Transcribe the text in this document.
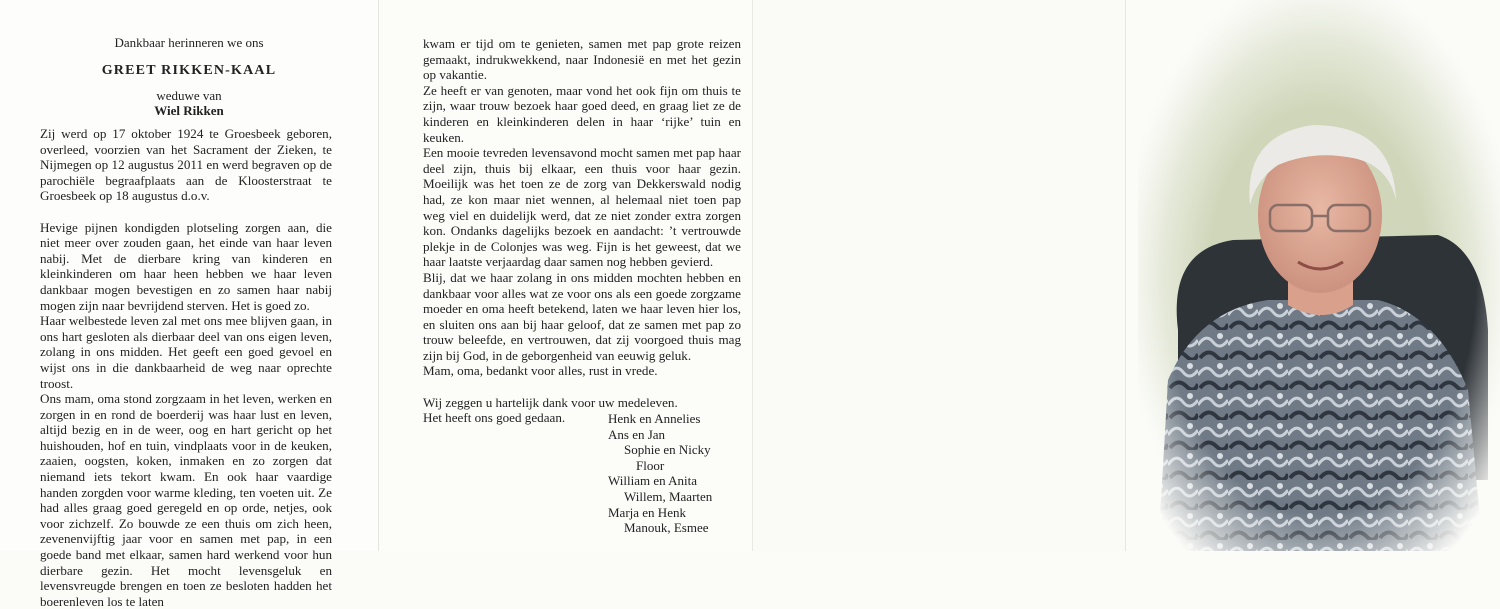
Dankbaar herinneren we ons
GREET RIKKEN-KAAL
weduwe van
Wiel Rikken

Zij werd op 17 oktober 1924 te Groesbeek geboren, overleed, voorzien van het Sacrament der Zieken, te Nijmegen op 12 augustus 2011 en werd begraven op de parochiële begraafplaats aan de Kloosterstraat te Groesbeek op 18 augustus d.o.v.

Hevige pijnen kondigden plotseling zorgen aan, die niet meer over zouden gaan, het einde van haar leven nabij. Met de dierbare kring van kinderen en kleinkinderen om haar heen hebben we haar leven dankbaar mogen bevestigen en zo samen haar nabij mogen zijn naar bevrijdend sterven. Het is goed zo.

Haar welbestede leven zal met ons mee blijven gaan, in ons hart gesloten als dierbaar deel van ons eigen leven, zolang in ons midden. Het geeft een goed gevoel en wijst ons in die dankbaarheid de weg naar oprechte troost.

Ons mam, oma stond zorgzaam in het leven, werken en zorgen in en rond de boerderij was haar lust en leven, altijd bezig en in de weer, oog en hart gericht op het huishouden, hof en tuin, vindplaats voor in de keuken, zaaien, oogsten, koken, inmaken en zo zorgen dat niemand iets tekort kwam. En ook haar vaardige handen zorgden voor warme kleding, ten voeten uit. Ze had alles graag goed geregeld en op orde, netjes, ook voor zichzelf. Zo bouwde ze een thuis om zich heen, zevenenvijftig jaar voor en samen met pap, in een goede band met elkaar, samen hard werkend voor hun dierbare gezin. Het mocht levensgeluk en levensvreugde brengen en toen ze besloten hadden het boerenleven los te laten

kwam er tijd om te genieten, samen met pap grote reizen gemaakt, indrukwekkend, naar Indonesië en met het gezin op vakantie.

Ze heeft er van genoten, maar vond het ook fijn om thuis te zijn, waar trouw bezoek haar goed deed, en graag liet ze de kinderen en kleinkinderen delen in haar ‘rijke’ tuin en keuken.

Een mooie tevreden levensavond mocht samen met pap haar deel zijn, thuis bij elkaar, een thuis voor haar gezin. Moeilijk was het toen ze de zorg van Dekkerswald nodig had, ze kon maar niet wennen, al helemaal niet toen pap weg viel en duidelijk werd, dat ze niet zonder extra zorgen kon. Ondanks dagelijks bezoek en aandacht: ’t vertrouwde plekje in de Colonjes was weg. Fijn is het geweest, dat we haar laatste verjaardag daar samen nog hebben gevierd.

Blij, dat we haar zolang in ons midden mochten hebben en dankbaar voor alles wat ze voor ons als een goede zorgzame moeder en oma heeft betekend, laten we haar leven hier los, en sluiten ons aan bij haar geloof, dat ze samen met pap zo trouw beleefde, en vertrouwen, dat zij voorgoed thuis mag zijn bij God, in de geborgenheid van eeuwig geluk.

Mam, oma, bedankt voor alles, rust in vrede.

Wij zeggen u hartelijk dank voor uw medeleven.

Het heeft ons goed gedaan.	Henk en Annelies
Ans en Jan
Sophie en Nicky
Floor
William en Anita
Willem, Maarten
Marja en Henk
Manouk, Esmee
